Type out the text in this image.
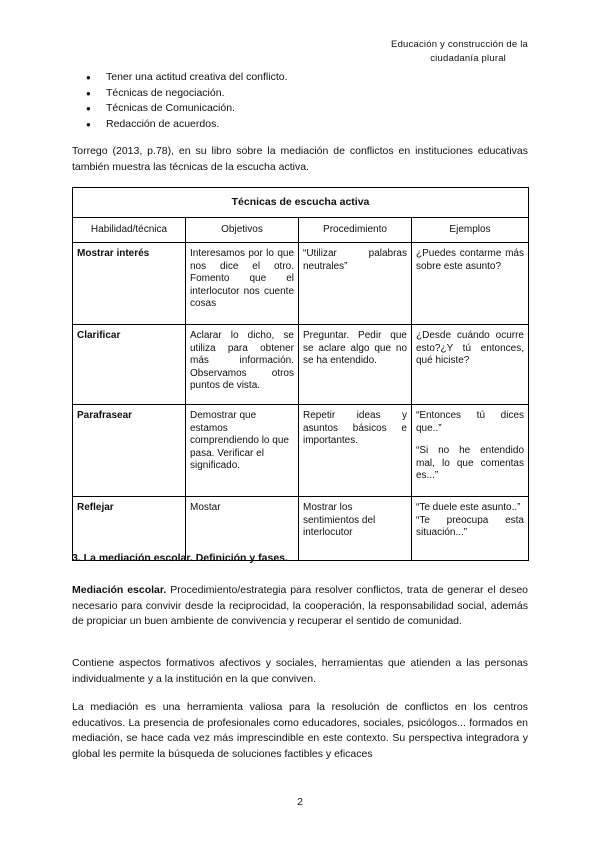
Educación y construcción de la
ciudadanía plural
● Tener una actitud creativa del conflicto.
● Técnicas de negociación.
● Técnicas de Comunicación.
● Redacción de acuerdos.
Torrego (2013, p.78), en su libro sobre la mediación de conflictos en instituciones educativas también muestra las técnicas de la escucha activa.
Técnicas de escucha activa			
Habilidad/técnica	Objetivos	Procedimiento	Ejemplos
Mostrar interés	Interesamos por lo que nos dice el otro. Fomento que el interlocutor nos cuente cosas	“Utilizar palabras neutrales”	¿Puedes contarme más sobre este asunto?

Clarificar	Aclarar lo dicho, se utiliza para obtener más información. Observamos otros puntos de vista.	Preguntar. Pedir que se aclare algo que no se ha entendido.	¿Desde cuándo ocurre esto?¿Y tú entonces, qué hiciste?

Parafrasear	Demostrar que estamos comprendiendo lo que pasa. Verificar el significado.	Repetir ideas y asuntos básicos e importantes.	“Entonces tú dices que..”
“Si no he entendido mal, lo que comentas es...”

Reflejar	Mostar	Mostrar los sentimientos del interlocutor	“Te duele este asunto..”
“Te preocupa esta situación...”
3. La mediación escolar. Definición y fases.
Mediación escolar. Procedimiento/estrategia para resolver conflictos, trata de generar el deseo necesario para convivir desde la reciprocidad, la cooperación, la responsabilidad social, además de propiciar un buen ambiente de convivencia y recuperar el sentido de comunidad.
Contiene aspectos formativos afectivos y sociales, herramientas que atienden a las personas individualmente y a la institución en la que conviven.
La mediación es una herramienta valiosa para la resolución de conflictos en los centros educativos. La presencia de profesionales como educadores, sociales, psicólogos... formados en mediación, se hace cada vez más imprescindible en este contexto. Su perspectiva integradora y global les permite la búsqueda de soluciones factibles y eficaces
2
